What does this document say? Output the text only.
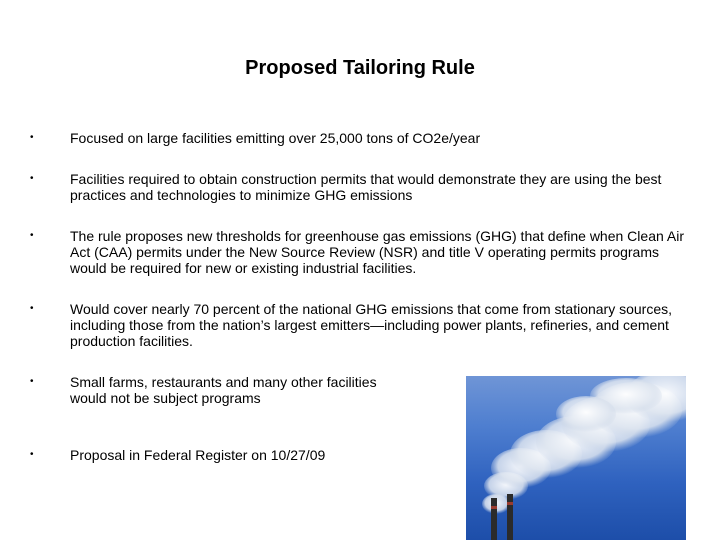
Proposed Tailoring Rule
•	Focused on large facilities emitting over 25,000 tons of CO2e/year
•	Facilities required to obtain construction permits that would demonstrate they are using the best practices and technologies to minimize GHG emissions
•	The rule proposes new thresholds for greenhouse gas emissions (GHG) that define when Clean Air Act (CAA) permits under the New Source Review (NSR) and title V operating permits programs would be required for new or existing industrial facilities.
•	Would cover nearly 70 percent of the national GHG emissions that come from stationary sources, including those from the nation’s largest emitters—including power plants, refineries, and cement production facilities.
•	Small farms, restaurants and many other facilities would not be subject programs
•	Proposal in Federal Register on 10/27/09
